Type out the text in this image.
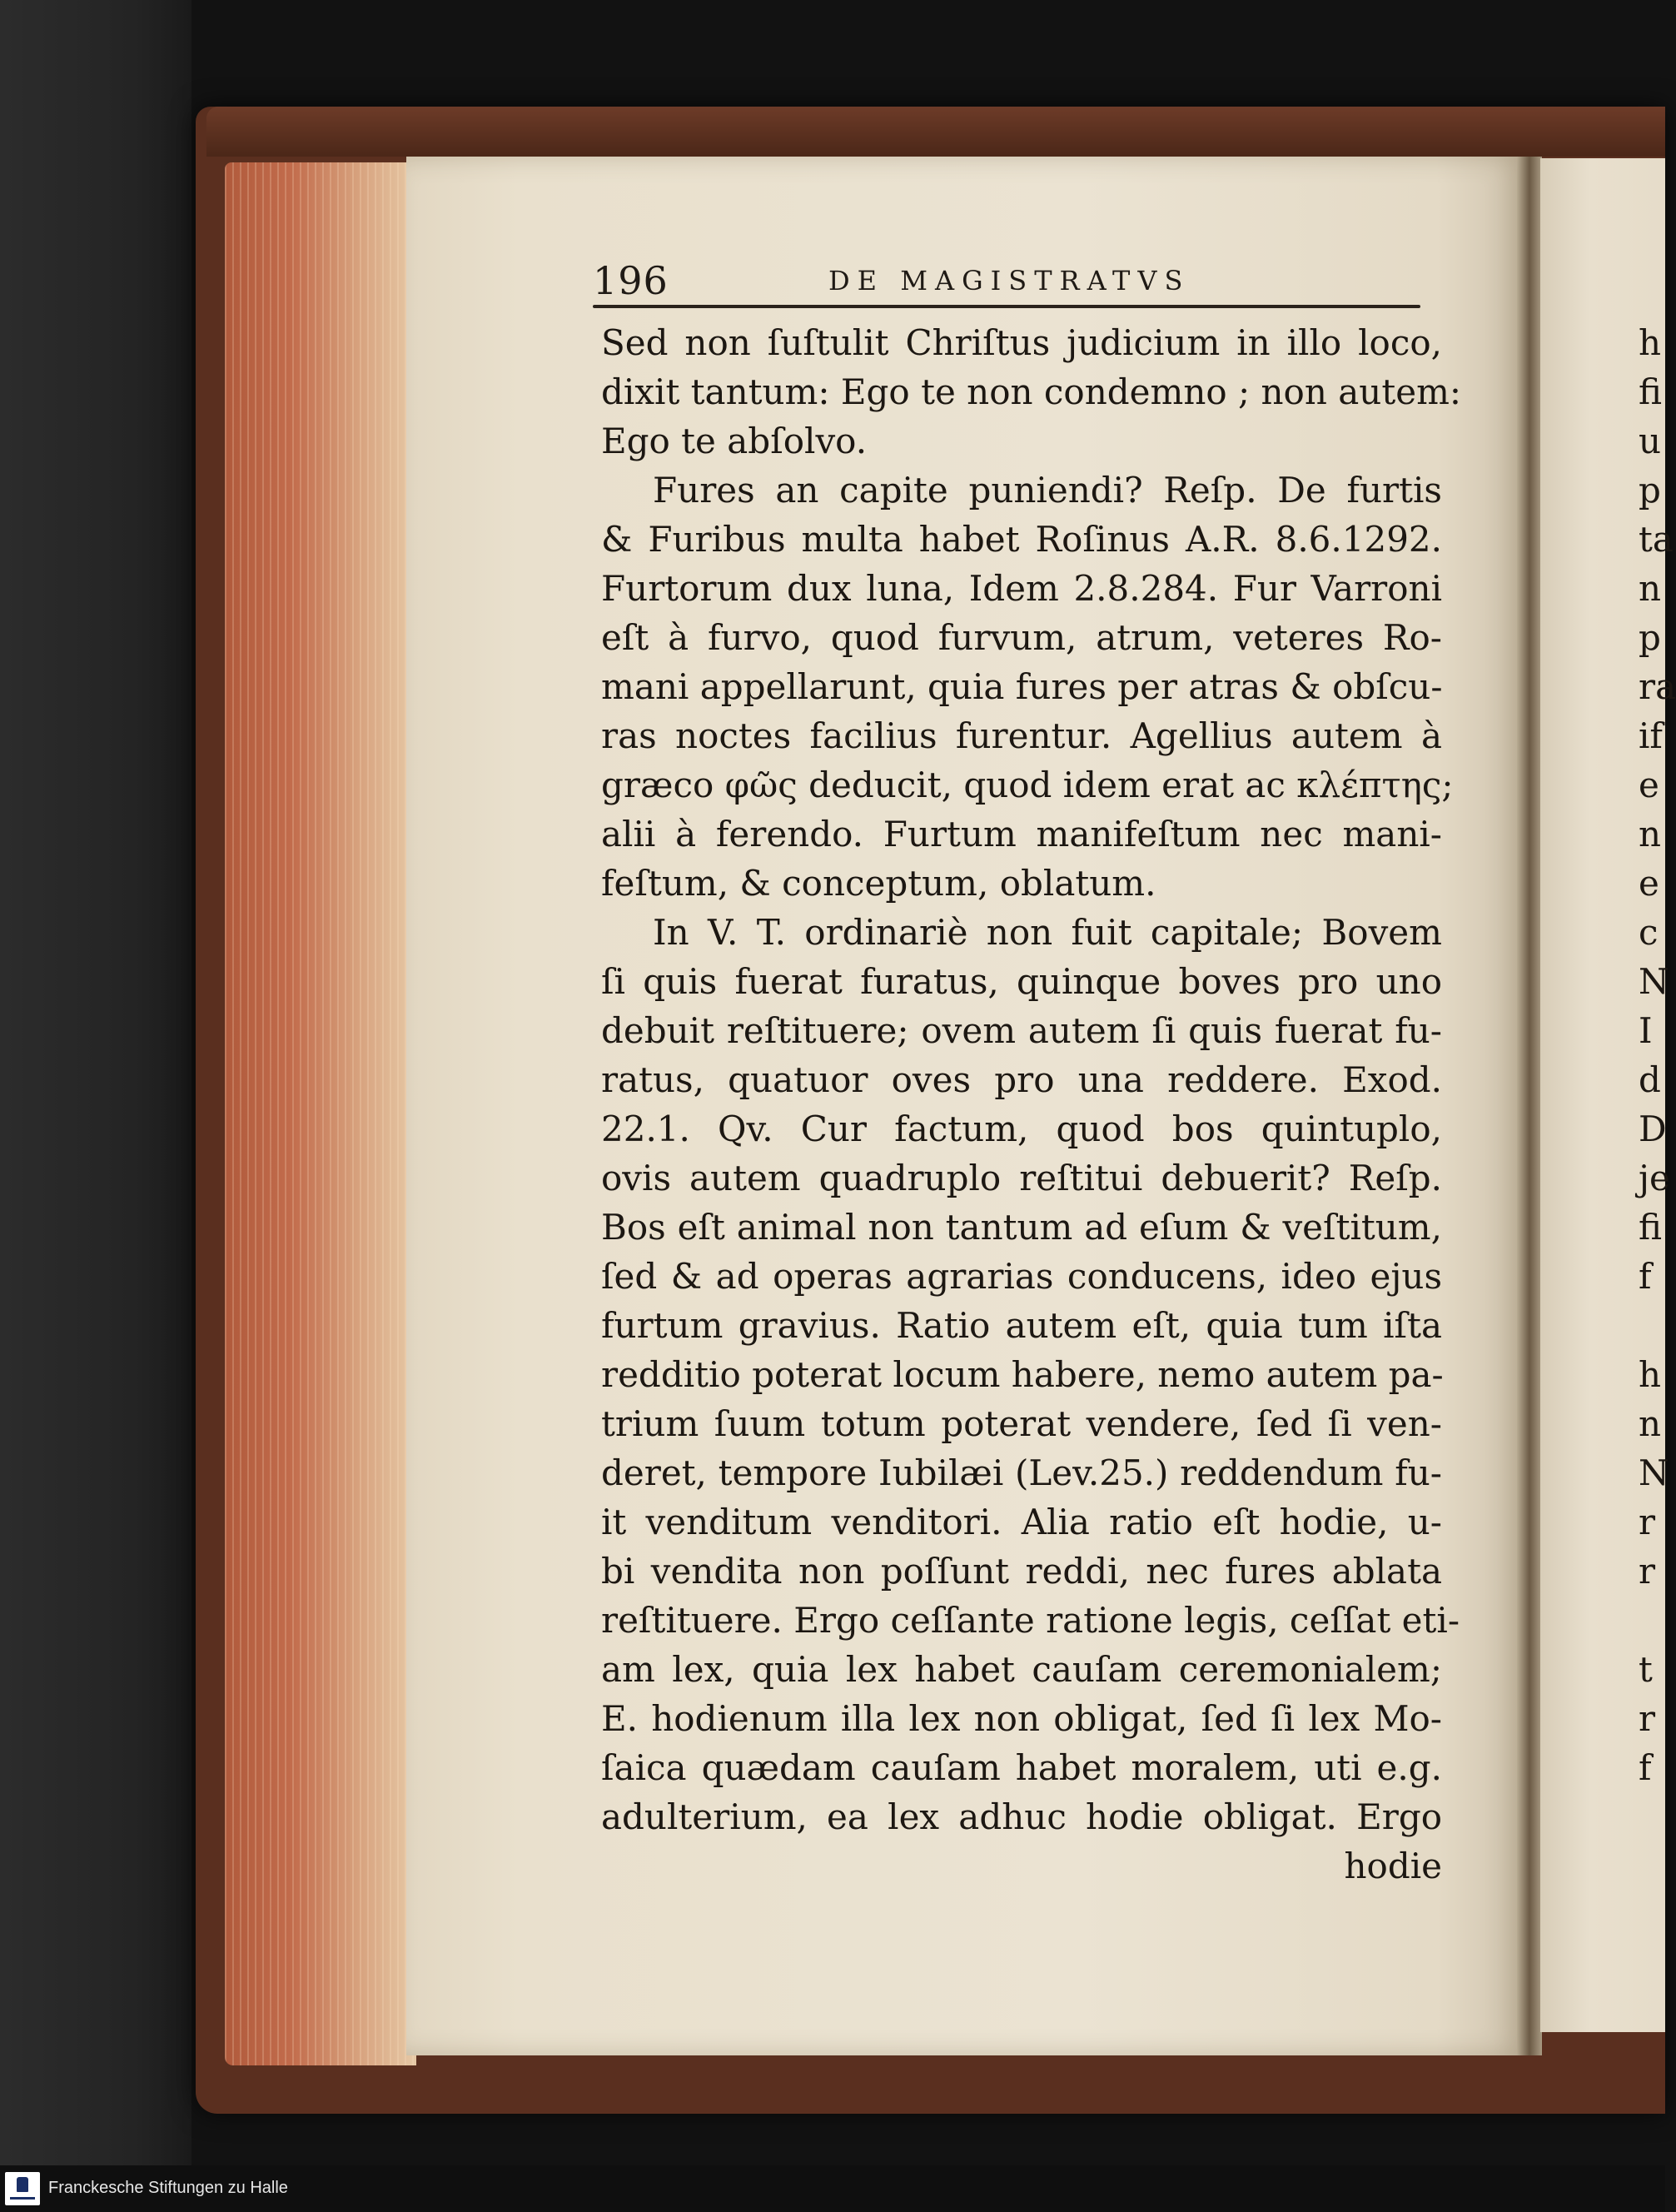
196	DE MAGISTRATVS
Sed non ſuſtulit Chriſtus judicium in illo loco,
dixit tantum: Ego te non condemno ; non autem:
Ego te abſolvo.
Fures an capite puniendi? Reſp. De furtis
& Furibus multa habet Roſinus A.R. 8.6.1292.
Furtorum dux luna, Idem 2.8.284. Fur Varroni
eſt à furvo, quod furvum, atrum, veteres Ro-
mani appellarunt, quia fures per atras & obſcu-
ras noctes facilius furentur. Agellius autem à
græco φῶς deducit, quod idem erat ac κλέπτης;
alii à ferendo. Furtum manifeſtum nec mani-
feſtum, & conceptum, oblatum.
In V. T. ordinariè non fuit capitale; Bovem
ſi quis fuerat furatus, quinque boves pro uno
debuit reſtituere; ovem autem ſi quis fuerat fu-
ratus, quatuor oves pro una reddere. Exod.
22.1. Qv. Cur factum, quod bos quintuplo,
ovis autem quadruplo reſtitui debuerit? Reſp.
Bos eſt animal non tantum ad eſum & veſtitum,
ſed & ad operas agrarias conducens, ideo ejus
furtum gravius. Ratio autem eſt, quia tum iſta
redditio poterat locum habere, nemo autem pa-
trium ſuum totum poterat vendere, ſed ſi ven-
deret, tempore Iubilæi (Lev.25.) reddendum fu-
it venditum venditori. Alia ratio eſt hodie, u-
bi vendita non poſſunt reddi, nec fures ablata
reſtituere. Ergo ceſſante ratione legis, ceſſat eti-
am lex, quia lex habet cauſam ceremonialem;
E. hodienum illa lex non obligat, ſed ſi lex Mo-
ſaica quædam cauſam habet moralem, uti e.g.
adulterium, ea lex adhuc hodie obligat. Ergo
hodie
h
fi
u
p
ta
n
p
ra
if
e
n
e
c
N
I
d
D
je
fi
f
h
n
N
r
r
t
r
f
Franckesche Stiftungen zu Halle
